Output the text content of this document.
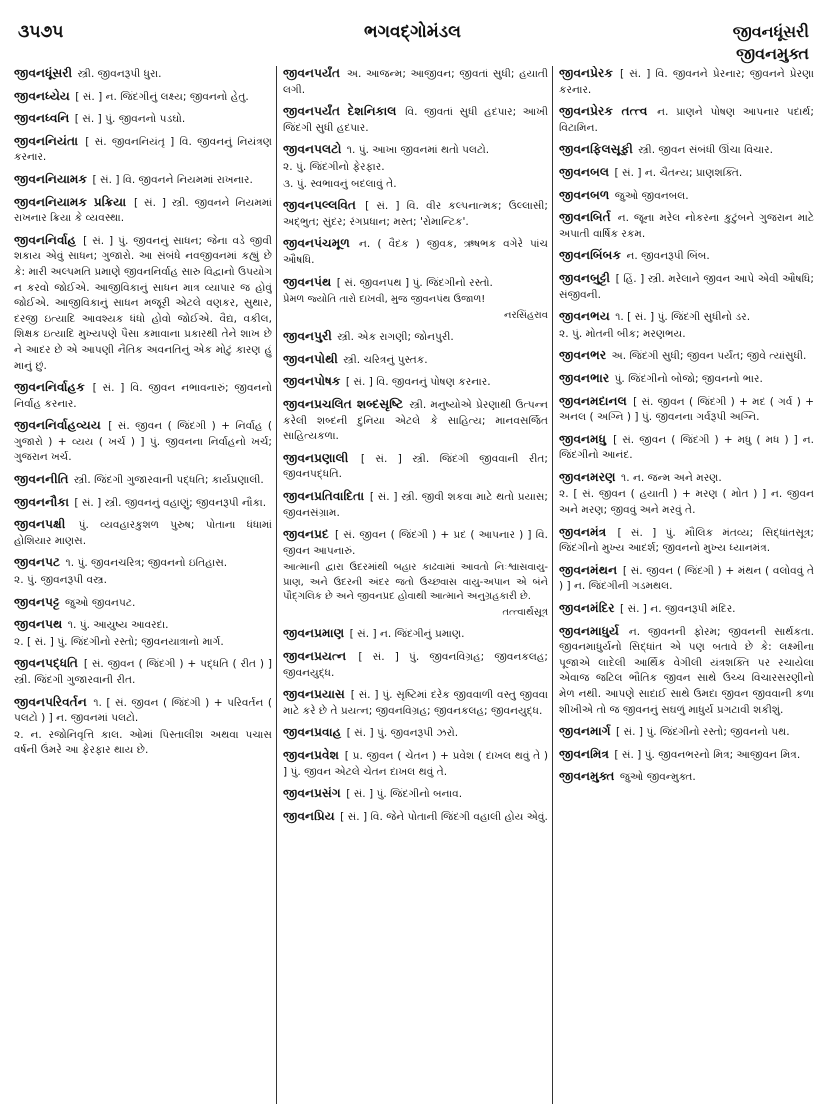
૩૫૭૫	ભગવદ્‌ગોમંડલ	જીવનધૂંસરી
જીવનમુક્ત
જીવનધૂંસરી સ્ત્રી. જીવનરૂપી ધુરા.
જીવનધ્યેય [ સં. ] ન. જિંદગીનું લક્ષ્ય; જીવનનો હેતુ.
જીવનધ્વનિ [ સં. ] પું. જીવનનો પડઘો.
જીવનનિયંતા [ સં. જીવનનિયંતૃ ] વિ. જીવનનું નિયંત્રણ કરનાર.
જીવનનિયામક [ સં. ] વિ. જીવનને નિયમમાં રાખનાર.
જીવનનિયામક પ્રક્રિયા [ સં. ] સ્ત્રી. જીવનને નિયમમાં રાખનાર ક્રિયા કે વ્યવસ્થા.
જીવનનિર્વાહ [ સં. ] પું. જીવનનું સાધન; જેના વડે જીવી શકાય એવું સાધન; ગુજારો. આ સંબંધે નવજીવનમાં કહ્યું છે કે: મારી અલ્પમતિ પ્રમાણે જીવનનિર્વાહ સારુ વિદ્વાનો ઉપયોગ ન કરવો જોઈએ. આજીવિકાનું સાધન માત્ર વ્યાપાર જ હોવું જોઈએ. આજીવિકાનું સાધન મજૂરી એટલે વણકર, સુથાર, દરજી ઇત્યાદિ આવશ્યક ધંધો હોવો જોઈએ. વૈદ્ય, વકીલ, શિક્ષક ઇત્યાદિ મુખ્યપણે પૈસા કમાવાના પ્રકારથી તેને શાખ છે ને આદર છે એ આપણી નૈતિક અવનતિનું એક મોટું કારણ હું માનું છું.
જીવનનિર્વાહક [ સં. ] વિ. જીવન નભાવનારું; જીવનનો નિર્વાહ કરનાર.
જીવનનિર્વાહવ્યય [ સં. જીવન ( જિંદગી ) + નિર્વાહ ( ગુજારો ) + વ્યય ( ખર્ચ ) ] પું. જીવનના નિર્વાહનો ખર્ચ; ગુજરાન ખર્ચ.
જીવનનીતિ સ્ત્રી. જિંદગી ગુજારવાની પદ્ધતિ; કાર્યપ્રણાલી.
જીવનનૌકા [ સં. ] સ્ત્રી. જીવનનું વહાણું; જીવનરૂપી નૌકા.
જીવનપક્ષી પું. વ્યવહારકુશળ પુરુષ; પોતાના ધંધામાં હોશિયાર માણસ.
જીવનપટ ૧. પું. જીવનચરિત્ર; જીવનનો ઇતિહાસ.
૨. પું. જીવનરૂપી વસ્ત્ર.
જીવનપટ્ટ જુઓ જીવનપટ.
જીવનપથ ૧. પું. આયુષ્ય આવરદા.
૨. [ સં. ] પું. જિંદગીનો રસ્તો; જીવનયાત્રાનો માર્ગ.
જીવનપદ્ધતિ [ સં. જીવન ( જિંદગી ) + પદ્ધતિ ( રીત ) ] સ્ત્રી. જિંદગી ગુજારવાની રીત.
જીવનપરિવર્તન ૧. [ સં. જીવન ( જિંદગી ) + પરિવર્તન ( પલટો ) ] ન. જીવનમાં પલટો.
૨. ન. રજોનિવૃત્તિ કાલ. ઓમાં પિસ્તાલીશ અથવા પચાસ વર્ષની ઉંમરે આ ફેરફાર થાય છે.
જીવનપર્યંત અ. આજન્મ; આજીવન; જીવતાં સુધી; હયાતી લગી.
જીવનપર્યંત દેશનિકાલ વિ. જીવતાં સુધી હદપાર; આખી જિંદગી સુધી હદપાર.
જીવનપલટો ૧. પું. આખા જીવનમાં થતો પલટો.
૨. પું. જિંદગીનો ફેરફાર.
૩. પું. સ્વભાવનું બદલાવું તે.
જીવનપલ્લવિત [ સં. ] વિ. વીર કલ્પનાત્મક; ઉલ્લાસી; અદ્‌ભુત; સુંદર; રંગપ્રધાન; મસ્ત; 'રોમાન્ટિક'.
જીવનપંચમૂળ ન. ( વૈદક ) જીવક, ઋષભક વગેરે પાંચ ઔષધિ.
જીવનપંથ [ સં. જીવનપથ ] પું. જિંદગીનો રસ્તો.
પ્રેમળ જ્યોતિ તારો દાખવી, મુજ જીવનપંથ ઉજાળ!
નરસિંહરાવ
જીવનપુરી સ્ત્રી. એક રાગણી; જોનપુરી.
જીવનપોથી સ્ત્રી. ચરિત્રનું પુસ્તક.
જીવનપોષક [ સં. ] વિ. જીવનનું પોષણ કરનાર.
જીવનપ્રચલિત શબ્દસૃષ્ટિ સ્ત્રી. મનુષ્યોએ પ્રેરણાથી ઉત્પન્ન કરેલી શબ્દની દુનિયા એટલે કે સાહિત્ય; માનવસર્જિત સાહિત્યકળા.
જીવનપ્રણાલી [ સં. ] સ્ત્રી. જિંદગી જીવવાની રીત; જીવનપદ્ધતિ.
જીવનપ્રતિવાદિતા [ સં. ] સ્ત્રી. જીવી શકવા માટે થતો પ્રયાસ; જીવનસંગ્રામ.
જીવનપ્રદ [ સં. જીવન ( જિંદગી ) + પ્રદ ( આપનાર ) ] વિ. જીવન આપનારું.
આત્માની દ્વારા ઉદરમાંથી બહાર કાઢવામાં આવતો નિઃશ્વાસવાયુ-પ્રાણ, અને ઉદરની અંદર જતો ઉચ્છ્વાસ વાયુ-અપાન એ બંને પૌદ્‌ગલિક છે અને જીવનપ્રદ હોવાથી આત્માને અનુગ્રહકારી છે.
તત્ત્વાર્થસૂત્ર
જીવનપ્રમાણ [ સં. ] ન. જિંદગીનું પ્રમાણ.
જીવનપ્રયત્ન [ સં. ] પું. જીવનવિગ્રહ; જીવનકલહ; જીવનયુદ્ધ.
જીવનપ્રયાસ [ સં. ] પું. સૃષ્ટિમાં દરેક જીવવાળી વસ્તુ જીવવા માટે કરે છે તે પ્રયત્ન; જીવનવિગ્રહ; જીવનકલહ; જીવનયુદ્ધ.
જીવનપ્રવાહ [ સં. ] પું. જીવનરૂપી ઝરો.
જીવનપ્રવેશ [ પ્ર. જીવન ( ચેતન ) + પ્રવેશ ( દાખલ થવું તે ) ] પું. જીવન એટલે ચેતન દાખલ થવું તે.
જીવનપ્રસંગ [ સં. ] પું. જિંદગીનો બનાવ.
જીવનપ્રિય [ સં. ] વિ. જેને પોતાની જિંદગી વહાલી હોય એવું.
જીવનપ્રેરક [ સં. ] વિ. જીવનને પ્રેરનાર; જીવનને પ્રેરણા કરનાર.
જીવનપ્રેરક તત્ત્વ ન. પ્રાણને પોષણ આપનાર પદાર્થ; વિટામિન.
જીવનફિલસૂફી સ્ત્રી. જીવન સંબંધી ઊંચા વિચાર.
જીવનબલ [ સં. ] ન. ચૈતન્ય; પ્રાણશક્તિ.
જીવનબળ જુઓ જીવનબલ.
જીવનબિર્ત ન. જૂના મરેલ નોકરના કુટુંબને ગુજરાન માટે અપાતી વાર્ષિક રકમ.
જીવનબિંબક ન. જીવનરૂપી બિંબ.
જીવનબુટ્ટી [ હિં. ] સ્ત્રી. મરેલાને જીવન આપે એવી ઔષધિ; સંજીવની.
જીવનભય ૧. [ સં. ] પું. જિંદગી સુધીનો ડર.
૨. પું. મોતની બીક; મરણભય.
જીવનભર અ. જિંદગી સુધી; જીવન પર્યંત; જીવે ત્યાંસુધી.
જીવનભાર પું. જિંદગીનો બોજો; જીવનનો ભાર.
જીવનમદાનલ [ સં. જીવન ( જિંદગી ) + મદ ( ગર્વ ) + અનલ ( અગ્નિ ) ] પું. જીવનના ગર્વરૂપી અગ્નિ.
જીવનમધુ [ સં. જીવન ( જિંદગી ) + મધુ ( મધ ) ] ન. જિંદગીનો આનંદ.
જીવનમરણ ૧. ન. જન્મ અને મરણ.
૨. [ સં. જીવન ( હયાતી ) + મરણ ( મોત ) ] ન. જીવન અને મરણ; જીવવું અને મરવું તે.
જીવનમંત્ર [ સં. ] પું. મૌલિક મંતવ્ય; સિદ્ધાંતસૂત્ર; જિંદગીનો મુખ્ય આદર્શ; જીવનનો મુખ્ય ધ્યાનમંત્ર.
જીવનમંથન [ સં. જીવન ( જિંદગી ) + મંથન ( વલોવવું તે ) ] ન. જિંદગીની ગડમથલ.
જીવનમંદિર [ સં. ] ન. જીવનરૂપી મંદિર.
જીવનમાધુર્ય ન. જીવનની ફોરમ; જીવનની સાર્થકતા. જીવનમાધુર્યનો સિદ્ધાંત એ પણ બતાવે છે કે: લક્ષ્મીના પૂજાએ લાદેલી આર્થિક વેગીલી યંત્રશક્તિ પર રચાયેલા એવાજ જટિલ ભૌતિક જીવન સાથે ઉચ્ચ વિચારસરણીનો મેળ નથી. આપણે સાદાઈ સાથે ઉમદા જીવન જીવવાની કળા શીખીએ તો જ જીવનનું સઘળું માધુર્ય પ્રગટાવી શકીશું.
જીવનમાર્ગ [ સં. ] પું. જિંદગીનો રસ્તો; જીવનનો પથ.
જીવનમિત્ર [ સં. ] પું. જીવનભરનો મિત્ર; આજીવન મિત્ર.
જીવનમુક્ત જુઓ જીવન્મુક્ત.
